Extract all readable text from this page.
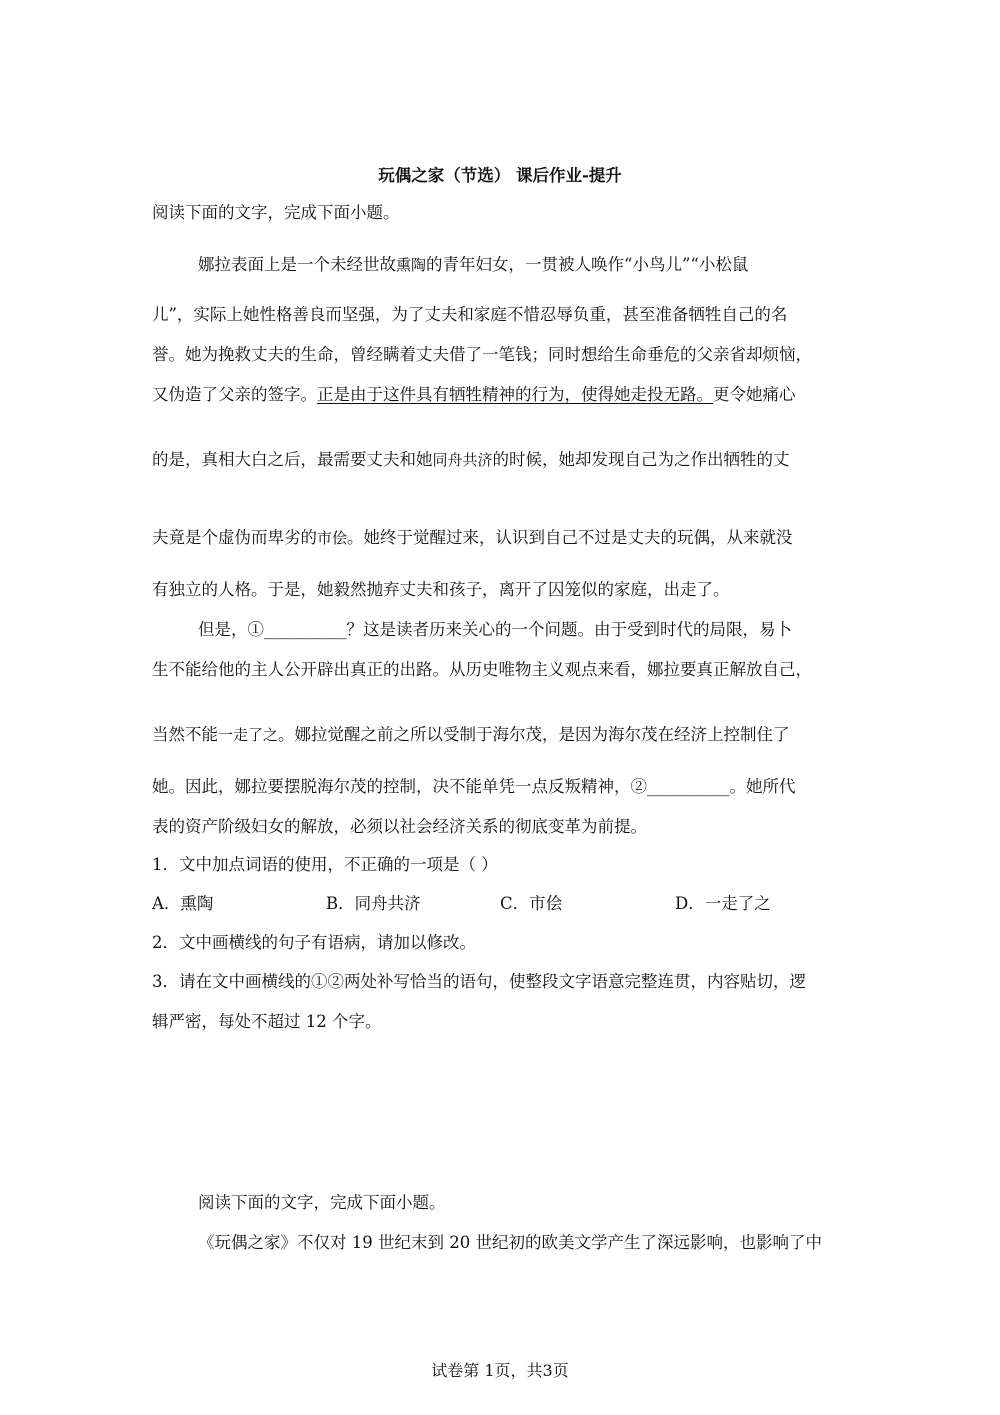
玩偶之家（节选） 课后作业-提升
阅读下面的文字，完成下面小题。
娜拉表面上是一个未经世故熏陶的青年妇女，一贯被人唤作“小鸟儿”“小松鼠
儿”，实际上她性格善良而坚强，为了丈夫和家庭不惜忍辱负重，甚至准备牺牲自己的名
誉。她为挽救丈夫的生命，曾经瞒着丈夫借了一笔钱；同时想给生命垂危的父亲省却烦恼，
又伪造了父亲的签字。正是由于这件具有牺牲精神的行为，使得她走投无路。更令她痛心
的是，真相大白之后，最需要丈夫和她同舟共济的时候，她却发现自己为之作出牺牲的丈
夫竟是个虚伪而卑劣的市侩。她终于觉醒过来，认识到自己不过是丈夫的玩偶，从来就没
有独立的人格。于是，她毅然抛弃丈夫和孩子，离开了囚笼似的家庭，出走了。
但是，①__________？这是读者历来关心的一个问题。由于受到时代的局限，易卜
生不能给他的主人公开辟出真正的出路。从历史唯物主义观点来看，娜拉要真正解放自己，
当然不能一走了之。娜拉觉醒之前之所以受制于海尔茂，是因为海尔茂在经济上控制住了
她。因此，娜拉要摆脱海尔茂的控制，决不能单凭一点反叛精神，②__________。她所代
表的资产阶级妇女的解放，必须以社会经济关系的彻底变革为前提。
1．文中加点词语的使用，不正确的一项是（ ）
A．熏陶	B．同舟共济	C．市侩	D．一走了之
2．文中画横线的句子有语病，请加以修改。
3．请在文中画横线的①②两处补写恰当的语句，使整段文字语意完整连贯，内容贴切，逻
辑严密，每处不超过 12 个字。
阅读下面的文字，完成下面小题。
《玩偶之家》不仅对 19 世纪末到 20 世纪初的欧美文学产生了深远影响，也影响了中
试卷第 1页，共3页
